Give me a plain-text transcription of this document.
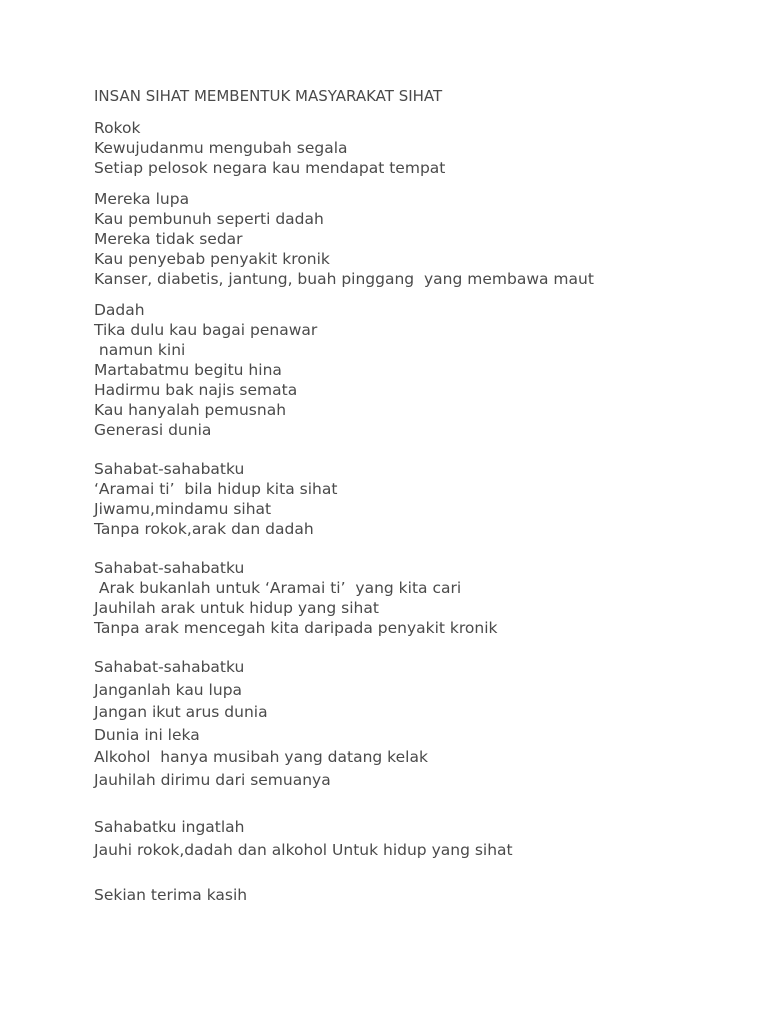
INSAN SIHAT MEMBENTUK MASYARAKAT SIHAT
Rokok
Kewujudanmu mengubah segala
Setiap pelosok negara kau mendapat tempat
Mereka lupa
Kau pembunuh seperti dadah
Mereka tidak sedar
Kau penyebab penyakit kronik
Kanser, diabetis, jantung, buah pinggang  yang membawa maut
Dadah
Tika dulu kau bagai penawar
namun kini
Martabatmu begitu hina
Hadirmu bak najis semata
Kau hanyalah pemusnah
Generasi dunia
Sahabat-sahabatku
‘Aramai ti’  bila hidup kita sihat
Jiwamu,mindamu sihat
Tanpa rokok,arak dan dadah
Sahabat-sahabatku
Arak bukanlah untuk ‘Aramai ti’  yang kita cari
Jauhilah arak untuk hidup yang sihat
Tanpa arak mencegah kita daripada penyakit kronik
Sahabat-sahabatku
Janganlah kau lupa
Jangan ikut arus dunia
Dunia ini leka
Alkohol  hanya musibah yang datang kelak
Jauhilah dirimu dari semuanya
Sahabatku ingatlah
Jauhi rokok,dadah dan alkohol Untuk hidup yang sihat
Sekian terima kasih
